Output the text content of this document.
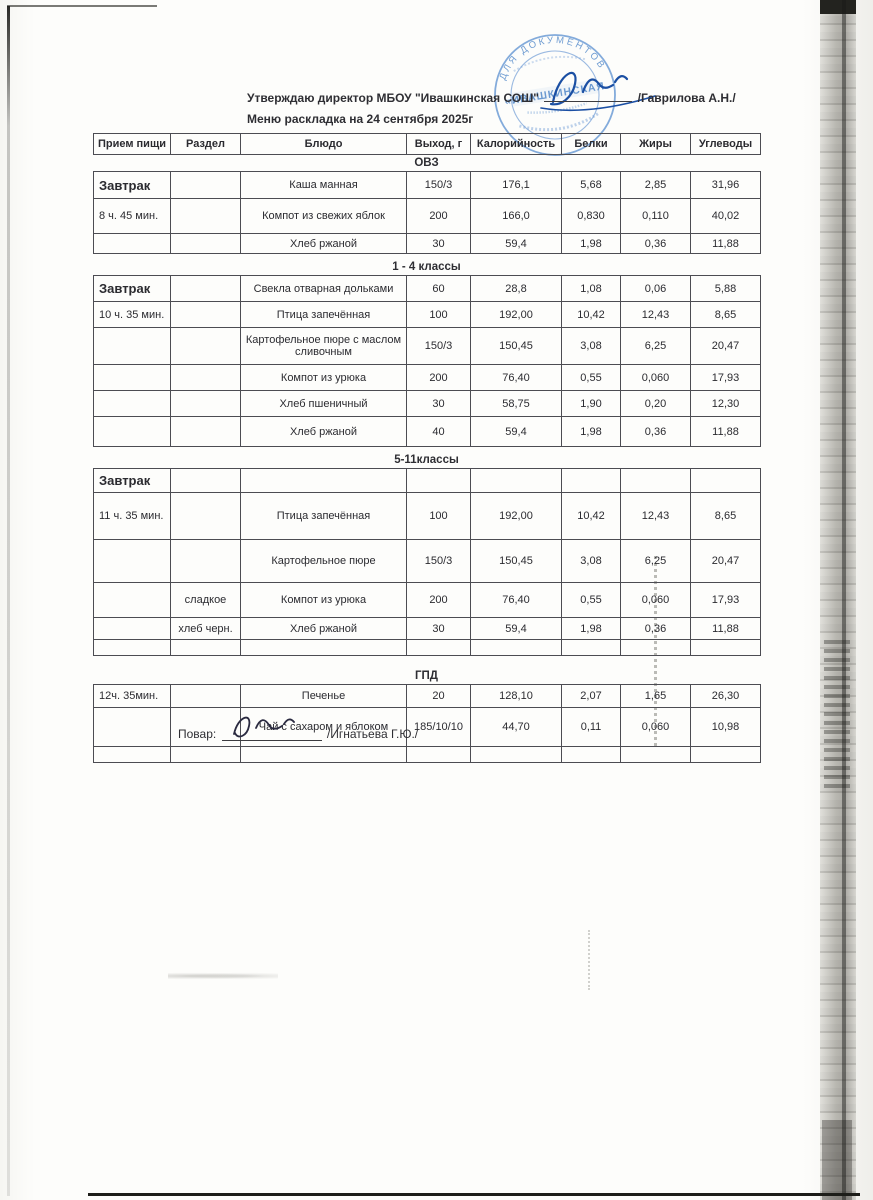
ДЛЯ ДОКУМЕНТОВ
«ИВАШКИНСКАЯ
Утверждаю директор МБОУ "Ивашкинская СОШ"	/Гаврилова А.Н./
Меню раскладка на 24 сентября 2025г
Прием пищи	Раздел	Блюдо	Выход, г	Калорийность	Белки	Жиры	Углеводы
ОВЗ
Завтрак		Каша манная	150/3	176,1	5,68	2,85	31,96
8 ч. 45 мин.		Компот из свежих яблок	200	166,0	0,830	0,110	40,02
		Хлеб ржаной	30	59,4	1,98	0,36	11,88
1 - 4 классы
Завтрак		Свекла отварная дольками	60	28,8	1,08	0,06	5,88
10 ч. 35 мин.		Птица запечённая	100	192,00	10,42	12,43	8,65
		Картофельное пюре с маслом сливочным	150/3	150,45	3,08	6,25	20,47
		Компот из урюка	200	76,40	0,55	0,060	17,93
		Хлеб пшеничный	30	58,75	1,90	0,20	12,30
		Хлеб ржаной	40	59,4	1,98	0,36	11,88
5-11классы
Завтрак							
11 ч. 35 мин.		Птица запечённая	100	192,00	10,42	12,43	8,65
		Картофельное пюре	150/3	150,45	3,08	6,25	20,47
	сладкое	Компот из урюка	200	76,40	0,55	0,060	17,93
	хлеб черн.	Хлеб ржаной	30	59,4	1,98	0,36	11,88

ГПД
12ч. 35мин.		Печенье	20	128,10	2,07	1,65	26,30
		Чай с сахаром и яблоком	185/10/10	44,70	0,11	0,060	10,98

Повар:	/Игнатьева Г.Ю./
